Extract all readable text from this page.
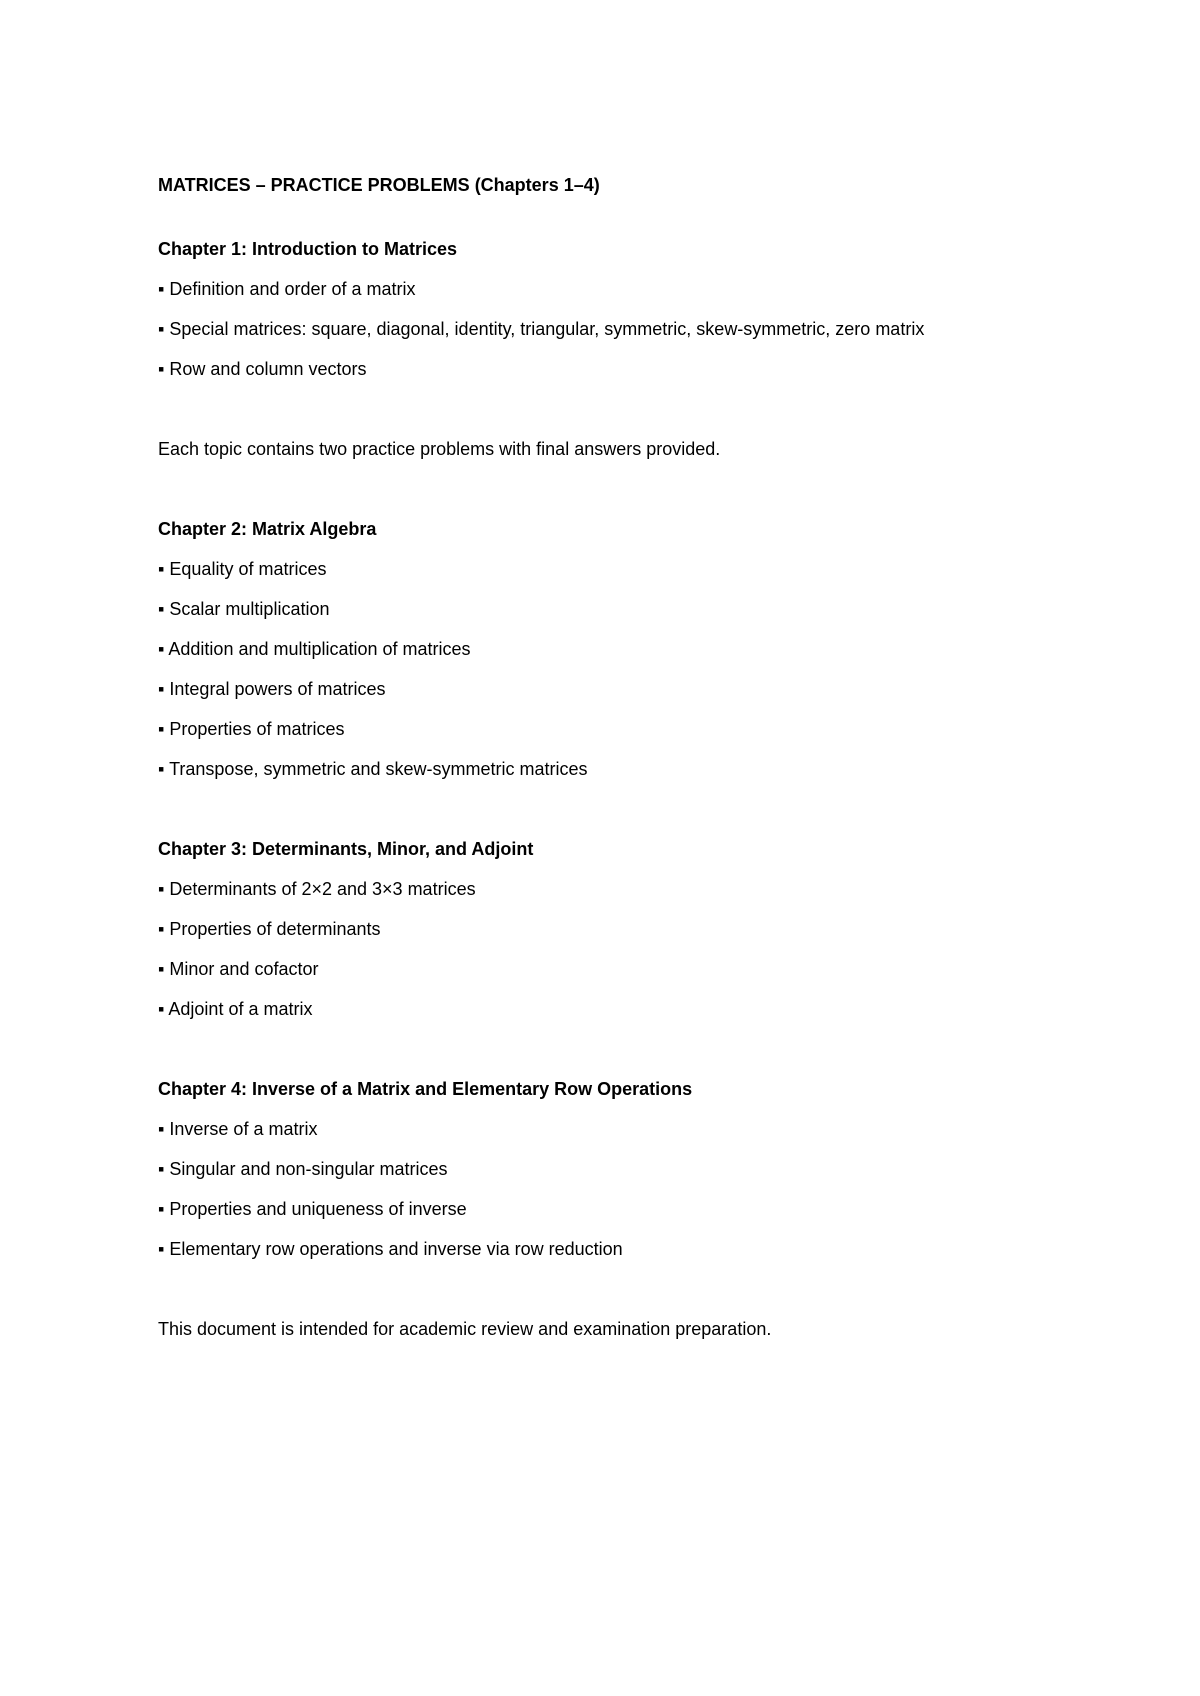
MATRICES – PRACTICE PROBLEMS (Chapters 1–4)

Chapter 1: Introduction to Matrices

▪ Definition and order of a matrix

▪ Special matrices: square, diagonal, identity, triangular, symmetric, skew-symmetric, zero matrix

▪ Row and column vectors

Each topic contains two practice problems with final answers provided.

Chapter 2: Matrix Algebra

▪ Equality of matrices

▪ Scalar multiplication

▪ Addition and multiplication of matrices

▪ Integral powers of matrices

▪ Properties of matrices

▪ Transpose, symmetric and skew-symmetric matrices

Chapter 3: Determinants, Minor, and Adjoint

▪ Determinants of 2×2 and 3×3 matrices

▪ Properties of determinants

▪ Minor and cofactor

▪ Adjoint of a matrix

Chapter 4: Inverse of a Matrix and Elementary Row Operations

▪ Inverse of a matrix

▪ Singular and non-singular matrices

▪ Properties and uniqueness of inverse

▪ Elementary row operations and inverse via row reduction

This document is intended for academic review and examination preparation.
